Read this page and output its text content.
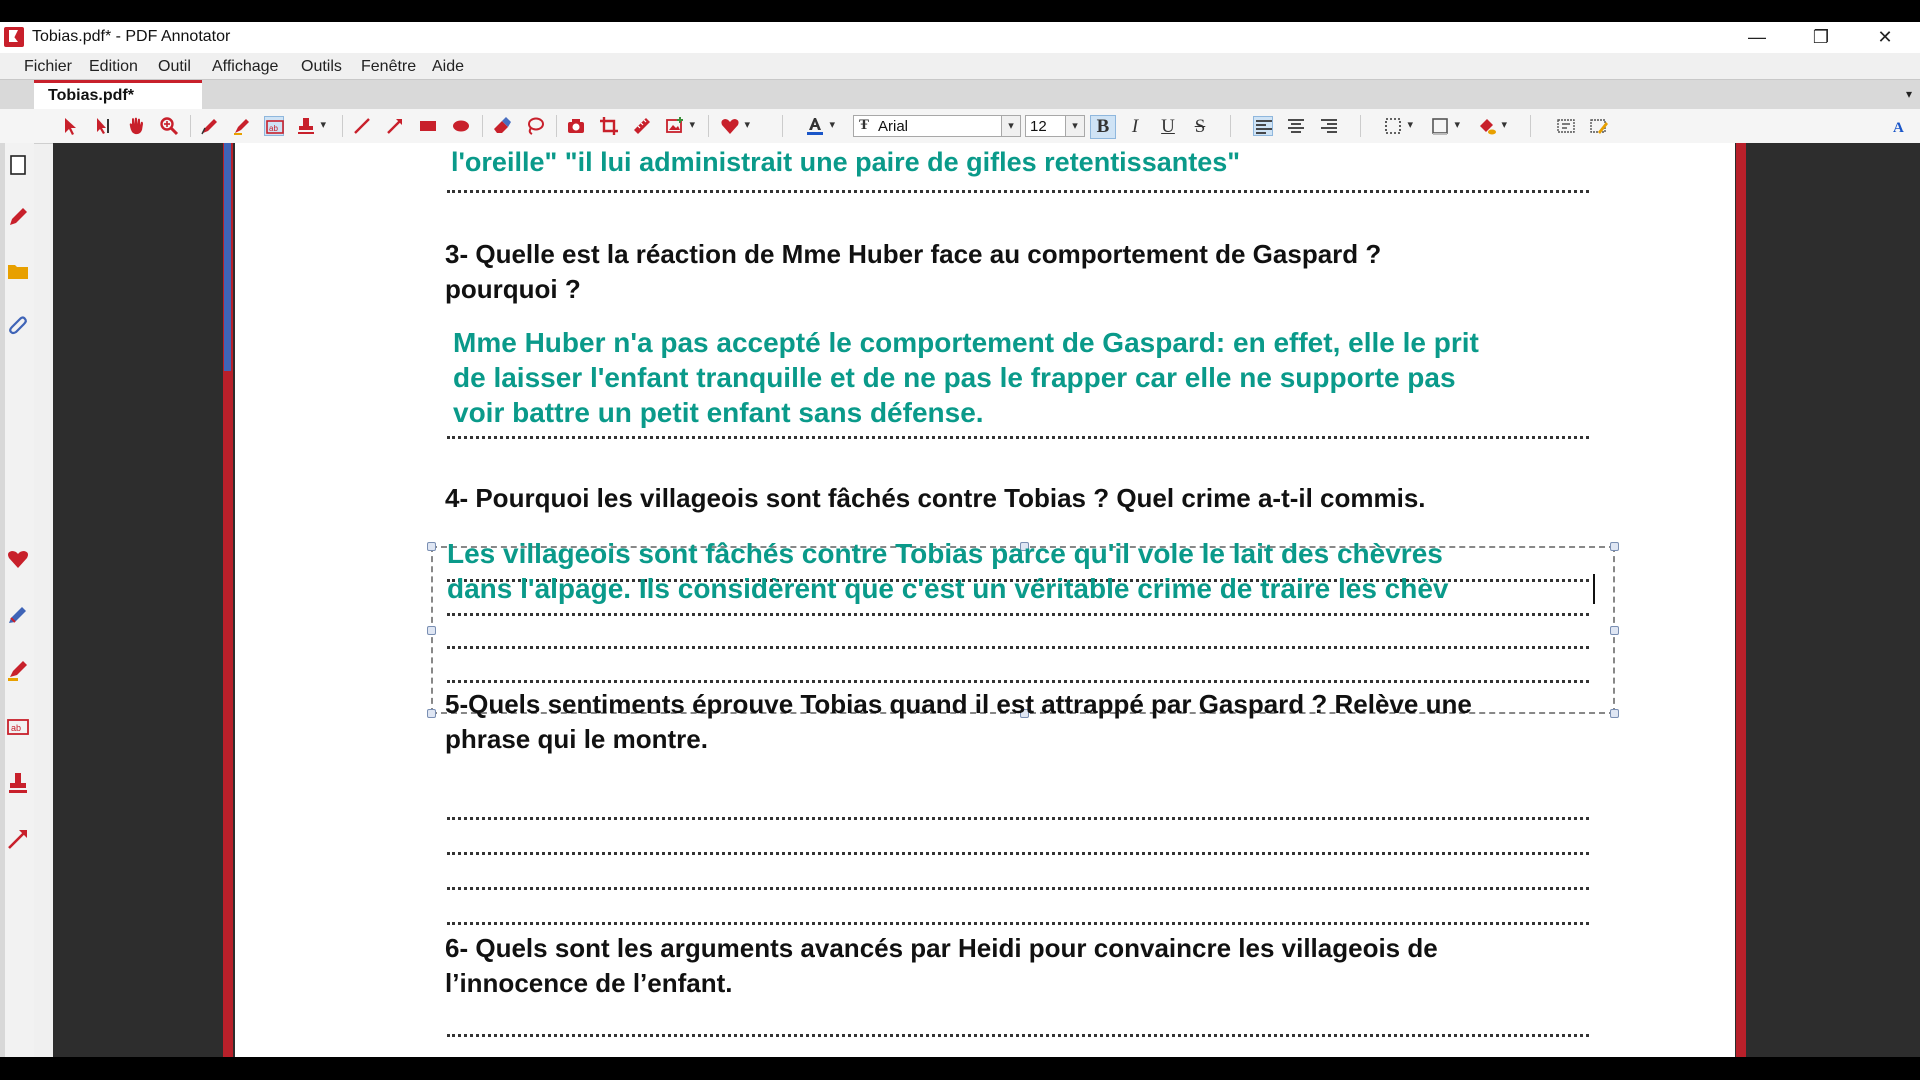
Tobias.pdf* - PDF Annotator	—	❐	✕
Fichier Edition Outil Affichage Outils Fenêtre Aide
Tobias.pdf*	▾
ab ▾ ▾ ▾ ▾	Ŧ Arial	▾	12	▾ B	I	U	S ▾ ▾ ▾	A
ab
l'oreille" "il lui administrait une paire de gifles retentissantes"
3- Quelle est la réaction de Mme Huber face au comportement de Gaspard ?
pourquoi ?
Mme Huber n'a pas accepté le comportement de Gaspard: en effet, elle le prit
de laisser l'enfant tranquille et de ne pas le frapper car elle ne supporte pas
voir battre un petit enfant sans défense.
4- Pourquoi les villageois sont fâchés contre Tobias ? Quel crime a-t-il commis.
Les villageois sont fâchés contre Tobias parce qu'il vole le lait des chèvres
dans l'alpage. Ils considèrent que c'est un véritable crime de traire les chèv
5-Quels sentiments éprouve Tobias quand il est attrappé par Gaspard ? Relève une
phrase qui le montre.
6- Quels sont les arguments avancés par Heidi pour convaincre les villageois de
l’innocence de l’enfant.
